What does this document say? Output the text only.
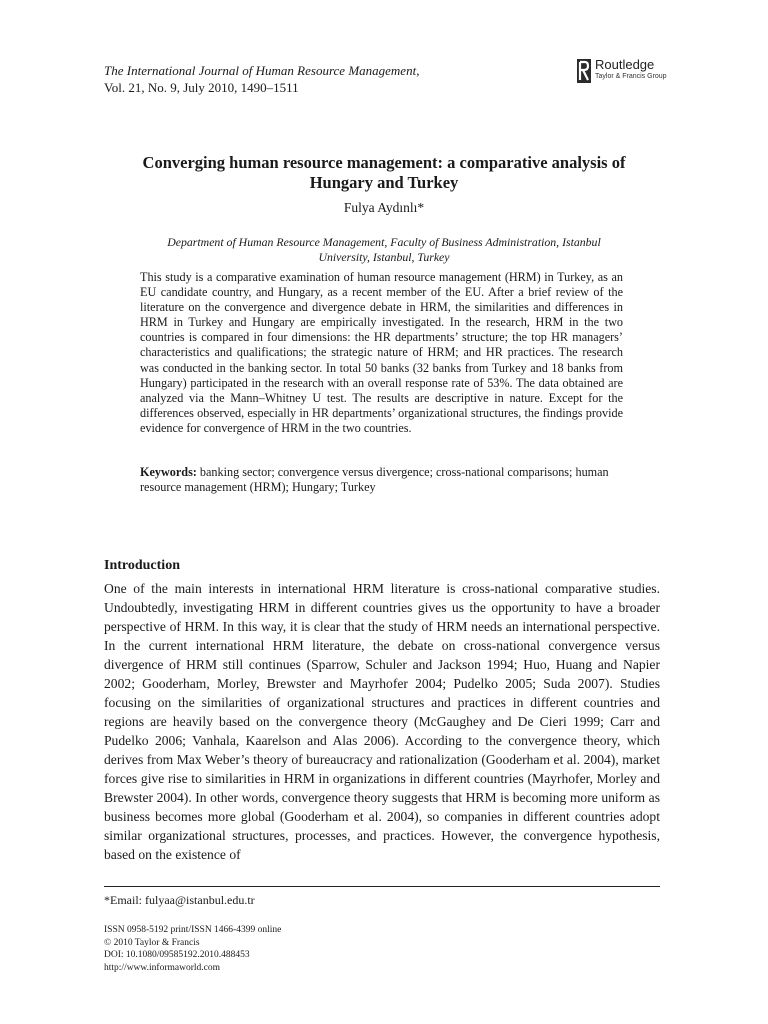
The International Journal of Human Resource Management,
Vol. 21, No. 9, July 2010, 1490–1511
Routledge
Taylor & Francis Group
Converging human resource management: a comparative analysis of
Hungary and Turkey
Fulya Aydınlı*
Department of Human Resource Management, Faculty of Business Administration, Istanbul
University, Istanbul, Turkey

This study is a comparative examination of human resource management (HRM) in Turkey, as an EU candidate country, and Hungary, as a recent member of the EU. After a brief review of the literature on the convergence and divergence debate in HRM, the similarities and differences in HRM in Turkey and Hungary are empirically investigated. In the research, HRM in the two countries is compared in four dimensions: the HR departments’ structure; the top HR managers’ characteristics and qualifications; the strategic nature of HRM; and HR practices. The research was conducted in the banking sector. In total 50 banks (32 banks from Turkey and 18 banks from Hungary) participated in the research with an overall response rate of 53%. The data obtained are analyzed via the Mann–Whitney U test. The results are descriptive in nature. Except for the differences observed, especially in HR departments’ organizational structures, the findings provide evidence for convergence of HRM in the two countries.

Keywords: banking sector; convergence versus divergence; cross-national comparisons; human resource management (HRM); Hungary; Turkey

Introduction

One of the main interests in international HRM literature is cross-national comparative studies. Undoubtedly, investigating HRM in different countries gives us the opportunity to have a broader perspective of HRM. In this way, it is clear that the study of HRM needs an international perspective. In the current international HRM literature, the debate on cross-national convergence versus divergence of HRM still continues (Sparrow, Schuler and Jackson 1994; Huo, Huang and Napier 2002; Gooderham, Morley, Brewster and Mayrhofer 2004; Pudelko 2005; Suda 2007). Studies focusing on the similarities of organizational structures and practices in different countries and regions are heavily based on the convergence theory (McGaughey and De Cieri 1999; Carr and Pudelko 2006; Vanhala, Kaarelson and Alas 2006). According to the convergence theory, which derives from Max Weber’s theory of bureaucracy and rationalization (Gooderham et al. 2004), market forces give rise to similarities in HRM in organizations in different countries (Mayrhofer, Morley and Brewster 2004). In other words, convergence theory suggests that HRM is becoming more uniform as business becomes more global (Gooderham et al. 2004), so companies in different countries adopt similar organizational structures, processes, and practices. However, the convergence hypothesis, based on the existence of

*Email: fulyaa@istanbul.edu.tr
ISSN 0958-5192 print/ISSN 1466-4399 online
© 2010 Taylor & Francis
DOI: 10.1080/09585192.2010.488453
http://www.informaworld.com
